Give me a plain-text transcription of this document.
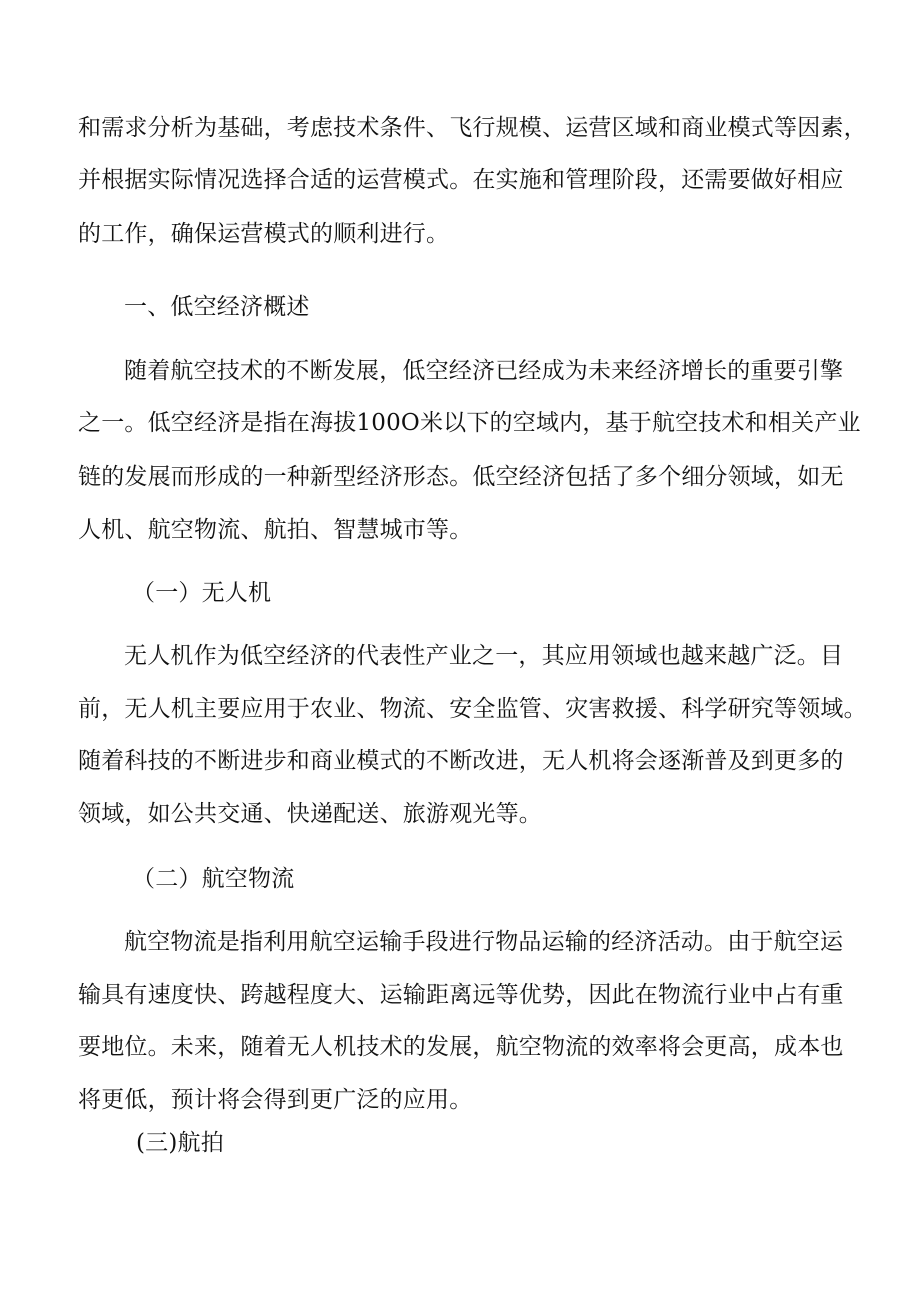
和需求分析为基础，考虑技术条件、飞行规模、运营区域和商业模式等因素，
并根据实际情况选择合适的运营模式。在实施和管理阶段，还需要做好相应
的工作，确保运营模式的顺利进行。
一、低空经济概述
随着航空技术的不断发展，低空经济已经成为未来经济增长的重要引擎
之一。低空经济是指在海拔100O米以下的空域内，基于航空技术和相关产业
链的发展而形成的一种新型经济形态。低空经济包括了多个细分领域，如无
人机、航空物流、航拍、智慧城市等。
（一）无人机
无人机作为低空经济的代表性产业之一，其应用领域也越来越广泛。目
前，无人机主要应用于农业、物流、安全监管、灾害救援、科学研究等领域。
随着科技的不断进步和商业模式的不断改进，无人机将会逐渐普及到更多的
领域，如公共交通、快递配送、旅游观光等。
（二）航空物流
航空物流是指利用航空运输手段进行物品运输的经济活动。由于航空运
输具有速度快、跨越程度大、运输距离远等优势，因此在物流行业中占有重
要地位。未来，随着无人机技术的发展，航空物流的效率将会更高，成本也
将更低，预计将会得到更广泛的应用。
(三)航拍
